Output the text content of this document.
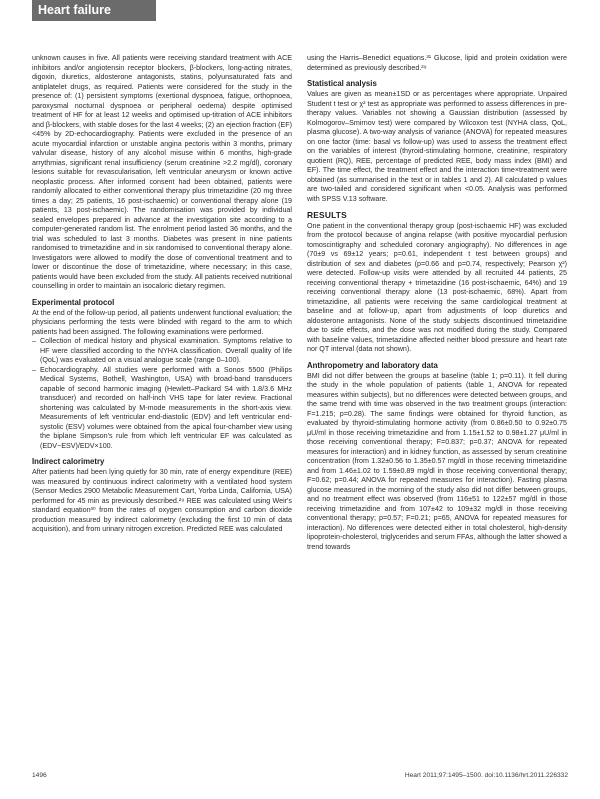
Heart failure

unknown causes in five. All patients were receiving standard treatment with ACE inhibitors and/or angiotensin receptor blockers, β-blockers, long-acting nitrates, digoxin, diuretics, aldosterone antagonists, statins, polyunsaturated fats and antiplatelet drugs, as required. Patients were considered for the study in the presence of: (1) persistent symptoms (exertional dyspnoea, fatigue, orthopnoea, paroxysmal nocturnal dyspnoea or peripheral oedema) despite optimised treatment of HF for at least 12 weeks and optimised up-titration of ACE inhibitors and β-blockers, with stable doses for the last 4 weeks; (2) an ejection fraction (EF) <45% by 2D-echocardiography. Patients were excluded in the presence of an acute myocardial infarction or unstable angina pectoris within 3 months, primary valvular disease, history of any alcohol misuse within 6 months, high-grade arrythmias, significant renal insufficiency (serum creatinine >2.2 mg/dl), coronary lesions suitable for revascularisation, left ventricular aneurysm or known active neoplastic process. After informed consent had been obtained, patients were randomly allocated to either conventional therapy plus trimetazidine (20 mg three times a day; 25 patients, 16 post-ischaemic) or conventional therapy alone (19 patients, 13 post-ischaemic). The randomisation was provided by individual sealed envelopes prepared in advance at the investigation site according to a computer-generated random list. The enrolment period lasted 36 months, and the trial was scheduled to last 3 months. Diabetes was present in nine patients randomised to trimetazidine and in six randomised to conventional therapy alone. Investigators were allowed to modify the dose of conventional treatment and to lower or discontinue the dose of trimetazidine, where necessary; in this case, patients would have been excluded from the study. All patients received nutritional counselling in order to maintain an isocaloric dietary regimen.

Experimental protocol

At the end of the follow-up period, all patients underwent functional evaluation; the physicians performing the tests were blinded with regard to the arm to which patients had been assigned. The following examinations were performed.

– Collection of medical history and physical examination. Symptoms relative to HF were classified according to the NYHA classification. Overall quality of life (QoL) was evaluated on a visual analogue scale (range 0–100).
– Echocardiography. All studies were performed with a Sonos 5500 (Philips Medical Systems, Bothell, Washington, USA) with broad-band transducers capable of second harmonic imaging (Hewlett–Packard S4 with 1.8/3.6 MHz transducer) and recorded on half-inch VHS tape for later review. Fractional shortening was calculated by M-mode measurements in the short-axis view. Measurements of left ventricular end-diastolic (EDV) and left ventricular end-systolic (ESV) volumes were obtained from the apical four-chamber view using the biplane Simpson's rule from which left ventricular EF was calculated as (EDV−ESV)/EDV×100.
Indirect calorimetry

After patients had been lying quietly for 30 min, rate of energy expenditure (REE) was measured by continuous indirect calorimetry with a ventilated hood system (Sensor Medics 2900 Metabolic Measurement Cart, Yorba Linda, California, USA) performed for 45 min as previously described.²⁹ REE was calculated using Weir's standard equation³⁰ from the rates of oxygen consumption and carbon dioxide production measured by indirect calorimetry (excluding the first 10 min of data acquisition), and from urinary nitrogen excretion. Predicted REE was calculated

using the Harris–Benedict equations.³¹ Glucose, lipid and protein oxidation were determined as previously described.²⁹

Statistical analysis

Values are given as mean±1SD or as percentages where appropriate. Unpaired Student t test or χ² test as appropriate was performed to assess differences in pre-therapy values. Variables not showing a Gaussian distribution (assessed by Kolmogorov–Smirnov test) were compared by Wilcoxon test (NYHA class, QoL, plasma glucose). A two-way analysis of variance (ANOVA) for repeated measures on one factor (time: basal vs follow-up) was used to assess the treatment effect on the variables of interest (thyroid-stimulating hormone, creatinine, respiratory quotient (RQ), REE, percentage of predicted REE, body mass index (BMI) and EF). The time effect, the treatment effect and the interaction time×treatment were obtained (as summarised in the text or in tables 1 and 2). All calculated p values are two-tailed and considered significant when <0.05. Analysis was performed with SPSS V.13 software.

RESULTS

One patient in the conventional therapy group (post-ischaemic HF) was excluded from the protocol because of angina relapse (with positive myocardial perfusion tomoscintigraphy and scheduled coronary angiography). No differences in age (70±9 vs 69±12 years; p=0.61, independent t test between groups) and distribution of sex and diabetes (p=0.66 and p=0.74, respectively; Pearson χ²) were detected. Follow-up visits were attended by all recruited 44 patients, 25 receiving conventional therapy + trimetazidine (16 post-ischaemic, 64%) and 19 receiving conventional therapy alone (13 post-ischaemic, 68%). Apart from trimetazidine, all patients were receiving the same cardiological treatment at baseline and at follow-up, apart from adjustments of loop diuretics and aldosterone antagonists. None of the study subjects discontinued trimetazidine due to side effects, and the dose was not modified during the study. Compared with baseline values, trimetazidine affected neither blood pressure and heart rate nor QT interval (data not shown).

Anthropometry and laboratory data

BMI did not differ between the groups at baseline (table 1; p=0.11). It fell during the study in the whole population of patients (table 1, ANOVA for repeated measures within subjects), but no differences were detected between groups, and the same trend with time was observed in the two treatment groups (interaction: F=1.215; p=0.28). The same findings were obtained for thyroid function, as evaluated by thyroid-stimulating hormone activity (from 0.86±0.50 to 0.92±0.75 μU/ml in those receiving trimetazidine and from 1.15±1.52 to 0.98±1.27 μU/ml in those receiving conventional therapy; F=0.837; p=0.37; ANOVA for repeated measures for interaction) and in kidney function, as assessed by serum creatinine concentration (from 1.32±0.56 to 1.35±0.57 mg/dl in those receiving trimetazidine and from 1.46±1.02 to 1.59±0.89 mg/dl in those receiving conventional therapy; F=0.62; p=0.44; ANOVA for repeated measures for interaction). Fasting plasma glucose measured in the morning of the study also did not differ between groups, and no treatment effect was observed (from 116±51 to 122±57 mg/dl in those receiving trimetazidine and from 107±42 to 109±32 mg/dl in those receiving conventional therapy; p=0.57; F=0.21; p=65, ANOVA for repeated measures for interaction). No differences were detected either in total cholesterol, high-density lipoprotein-cholesterol, triglycerides and serum FFAs, although the latter showed a trend towards

1496	Heart 2011;97:1495–1500. doi:10.1136/hrt.2011.226332
